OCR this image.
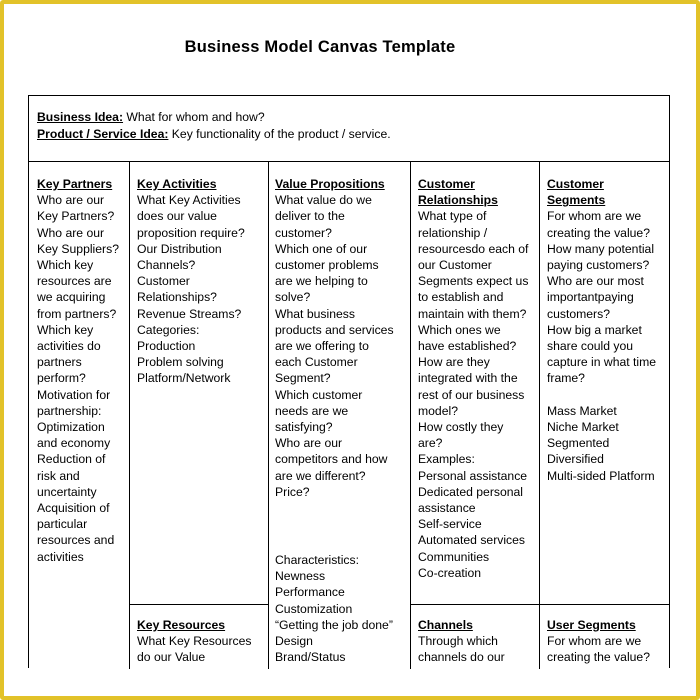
Business Model Canvas Template
Business Idea: What for whom and how?
Product / Service Idea: Key functionality of the product / service.
Key Partners
Who are our
Key Partners?
Who are our
Key Suppliers?
Which key
resources are
we acquiring
from partners?
Which key
activities do
partners
perform?
Motivation for
partnership:
Optimization
and economy
Reduction of
risk and
uncertainty
Acquisition of
particular
resources and
activities
Key Activities
What Key Activities
does our value
proposition require?
Our Distribution
Channels?
Customer
Relationships?
Revenue Streams?
Categories:
Production
Problem solving
Platform/Network
Key Resources
What Key Resources
do our Value
Value Propositions
What value do we
deliver to the
customer?
Which one of our
customer problems
are we helping to
solve?
What business
products and services
are we offering to
each Customer
Segment?
Which customer
needs are we
satisfying?
Who are our
competitors and how
are we different?
Price?
Characteristics:
Newness
Performance
Customization
“Getting the job done”
Design
Brand/Status
Customer
Relationships
What type of
relationship /
resourcesdo each of
our Customer
Segments expect us
to establish and
maintain with them?
Which ones we
have established?
How are they
integrated with the
rest of our business
model?
How costly they
are?
Examples:
Personal assistance
Dedicated personal
assistance
Self-service
Automated services
Communities
Co-creation
Channels
Through which
channels do our
Customer
Segments
For whom are we
creating the value?
How many potential
paying customers?
Who are our most
importantpaying
customers?
How big a market
share could you
capture in what time
frame?
Mass Market
Niche Market
Segmented
Diversified
Multi-sided Platform
User Segments
For whom are we
creating the value?
